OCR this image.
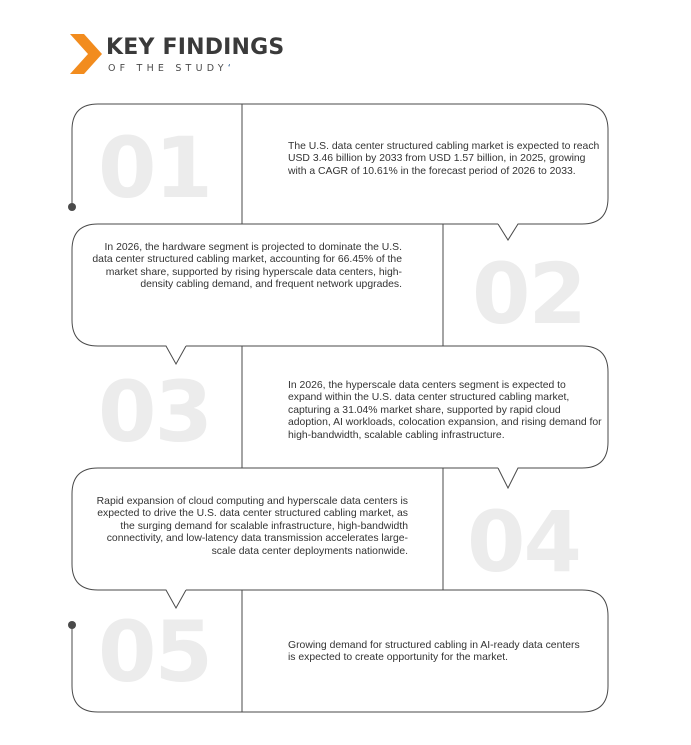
KEY FINDINGS
OF THE STUDY‘
01
02
03
04
05
The U.S. data center structured cabling market is expected to reach USD 3.46 billion by 2033 from USD 1.57 billion, in 2025, growing with a CAGR of 10.61% in the forecast period of 2026 to 2033.
In 2026, the hardware segment is projected to dominate the U.S. data center structured cabling market, accounting for 66.45% of the market share, supported by rising hyperscale data centers, high-density cabling demand, and frequent network upgrades.
In 2026, the hyperscale data centers segment is expected to expand within the U.S. data center structured cabling market, capturing a 31.04% market share, supported by rapid cloud adoption, AI workloads, colocation expansion, and rising demand for high-bandwidth, scalable cabling infrastructure.
Rapid expansion of cloud computing and hyperscale data centers is expected to drive the U.S. data center structured cabling market, as the surging demand for scalable infrastructure, high-bandwidth connectivity, and low-latency data transmission accelerates large-scale data center deployments nationwide.
Growing demand for structured cabling in AI-ready data centers is expected to create opportunity for the market.
